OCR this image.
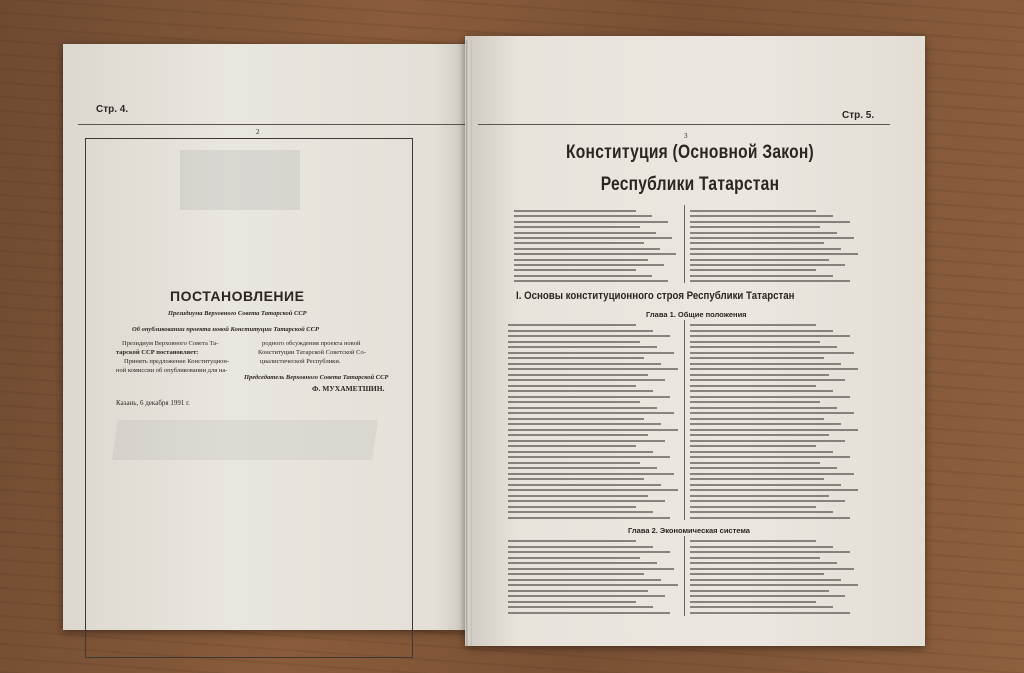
Стр. 4.
2
ПОСТАНОВЛЕНИЕ
Президиума Верховного Совета Татарской ССР
Об опубликовании проекта новой Конституции Татарской ССР
Президиум Верховного Совета Та-
тарской ССР постановляет:
Принять предложение Конституцион-
ной комиссии об опубликовании для на-
родного обсуждения проекта новой
Конституции Татарской Советской Со-
циалистической Республики.
Председатель Верховного Совета Татарской ССР
Ф. МУХАМЕТШИН.
Казань, 6 декабря 1991 г.
Стр. 5.
3
Конституция (Основной Закон)
Республики Татарстан
I. Основы конституционного строя Республики Татарстан
Глава 1. Общие положения
Глава 2. Экономическая система
